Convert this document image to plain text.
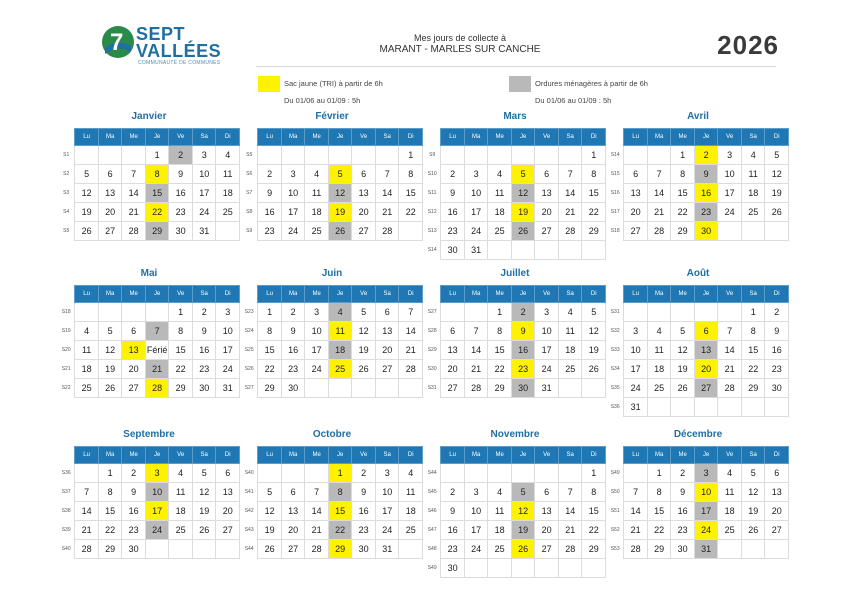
7 SEPT
VALLÉES
COMMUNAUTÉ DE COMMUNES
Mes jours de collecte à
MARANT - MARLES SUR CANCHE	2026
Sac jaune (TRI) à partir de 6h
Du 01/06 au 01/09 : 5h
Ordures ménagères à partir de 6h
Du 01/06 au 01/09 : 5h
Janvier
	Lu	Ma	Me	Je	Ve	Sa	Di
S1				1	2	3	4
S2	5	6	7	8	9	10	11
S3	12	13	14	15	16	17	18
S4	19	20	21	22	23	24	25
S5	26	27	28	29	30	31	
Février
	Lu	Ma	Me	Je	Ve	Sa	Di
S5							1
S6	2	3	4	5	6	7	8
S7	9	10	11	12	13	14	15
S8	16	17	18	19	20	21	22
S9	23	24	25	26	27	28	
Mars
	Lu	Ma	Me	Je	Ve	Sa	Di
S9							1
S10	2	3	4	5	6	7	8
S11	9	10	11	12	13	14	15
S12	16	17	18	19	20	21	22
S13	23	24	25	26	27	28	29
S14	30	31					
Avril
	Lu	Ma	Me	Je	Ve	Sa	Di
S14			1	2	3	4	5
S15	6	7	8	9	10	11	12
S16	13	14	15	16	17	18	19
S17	20	21	22	23	24	25	26
S18	27	28	29	30			
Mai
	Lu	Ma	Me	Je	Ve	Sa	Di
S18					1	2	3
S19	4	5	6	7	8	9	10
S20	11	12	13	Férié	15	16	17
S21	18	19	20	21	22	23	24
S22	25	26	27	28	29	30	31
Juin
	Lu	Ma	Me	Je	Ve	Sa	Di
S23	1	2	3	4	5	6	7
S24	8	9	10	11	12	13	14
S25	15	16	17	18	19	20	21
S26	22	23	24	25	26	27	28
S27	29	30					
Juillet
	Lu	Ma	Me	Je	Ve	Sa	Di
S27			1	2	3	4	5
S28	6	7	8	9	10	11	12
S29	13	14	15	16	17	18	19
S30	20	21	22	23	24	25	26
S31	27	28	29	30	31		
Août
	Lu	Ma	Me	Je	Ve	Sa	Di
S31						1	2
S32	3	4	5	6	7	8	9
S33	10	11	12	13	14	15	16
S34	17	18	19	20	21	22	23
S35	24	25	26	27	28	29	30
S36	31						
Septembre
	Lu	Ma	Me	Je	Ve	Sa	Di
S36		1	2	3	4	5	6
S37	7	8	9	10	11	12	13
S38	14	15	16	17	18	19	20
S39	21	22	23	24	25	26	27
S40	28	29	30				
Octobre
	Lu	Ma	Me	Je	Ve	Sa	Di
S40				1	2	3	4
S41	5	6	7	8	9	10	11
S42	12	13	14	15	16	17	18
S43	19	20	21	22	23	24	25
S44	26	27	28	29	30	31	
Novembre
	Lu	Ma	Me	Je	Ve	Sa	Di
S44							1
S45	2	3	4	5	6	7	8
S46	9	10	11	12	13	14	15
S47	16	17	18	19	20	21	22
S48	23	24	25	26	27	28	29
S49	30						
Décembre
	Lu	Ma	Me	Je	Ve	Sa	Di
S49		1	2	3	4	5	6
S50	7	8	9	10	11	12	13
S51	14	15	16	17	18	19	20
S52	21	22	23	24	25	26	27
S53	28	29	30	31			
